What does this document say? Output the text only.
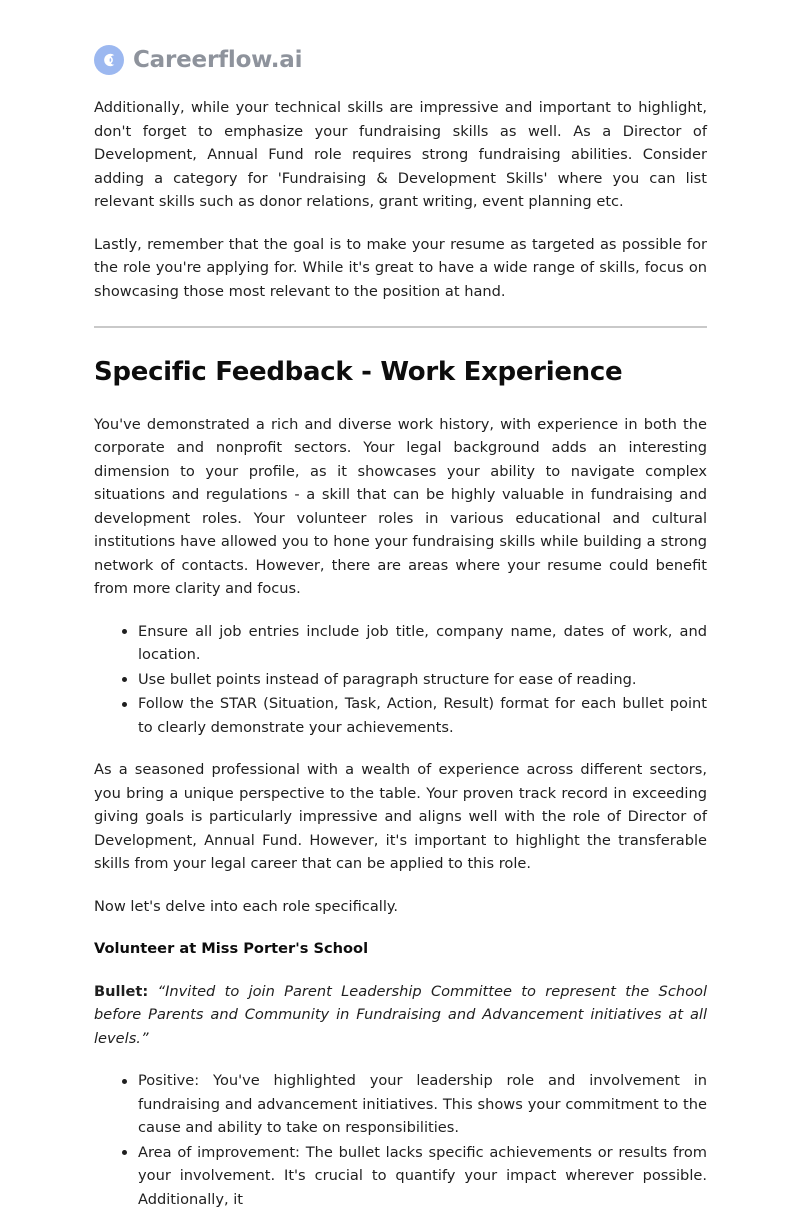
Careerflow.ai

Additionally, while your technical skills are impressive and important to highlight, don't forget to emphasize your fundraising skills as well. As a Director of Development, Annual Fund role requires strong fundraising abilities. Consider adding a category for 'Fundraising & Development Skills' where you can list relevant skills such as donor relations, grant writing, event planning etc.

Lastly, remember that the goal is to make your resume as targeted as possible for the role you're applying for. While it's great to have a wide range of skills, focus on showcasing those most relevant to the position at hand.

Specific Feedback - Work Experience

You've demonstrated a rich and diverse work history, with experience in both the corporate and nonprofit sectors. Your legal background adds an interesting dimension to your profile, as it showcases your ability to navigate complex situations and regulations - a skill that can be highly valuable in fundraising and development roles. Your volunteer roles in various educational and cultural institutions have allowed you to hone your fundraising skills while building a strong network of contacts. However, there are areas where your resume could benefit from more clarity and focus.

Ensure all job entries include job title, company name, dates of work, and location.
Use bullet points instead of paragraph structure for ease of reading.
Follow the STAR (Situation, Task, Action, Result) format for each bullet point to clearly demonstrate your achievements.

As a seasoned professional with a wealth of experience across different sectors, you bring a unique perspective to the table. Your proven track record in exceeding giving goals is particularly impressive and aligns well with the role of Director of Development, Annual Fund. However, it's important to highlight the transferable skills from your legal career that can be applied to this role.

Now let's delve into each role specifically.

Volunteer at Miss Porter's School

Bullet: “Invited to join Parent Leadership Committee to represent the School before Parents and Community in Fundraising and Advancement initiatives at all levels.”

Positive: You've highlighted your leadership role and involvement in fundraising and advancement initiatives. This shows your commitment to the cause and ability to take on responsibilities.
Area of improvement: The bullet lacks specific achievements or results from your involvement. It's crucial to quantify your impact wherever possible. Additionally, it
